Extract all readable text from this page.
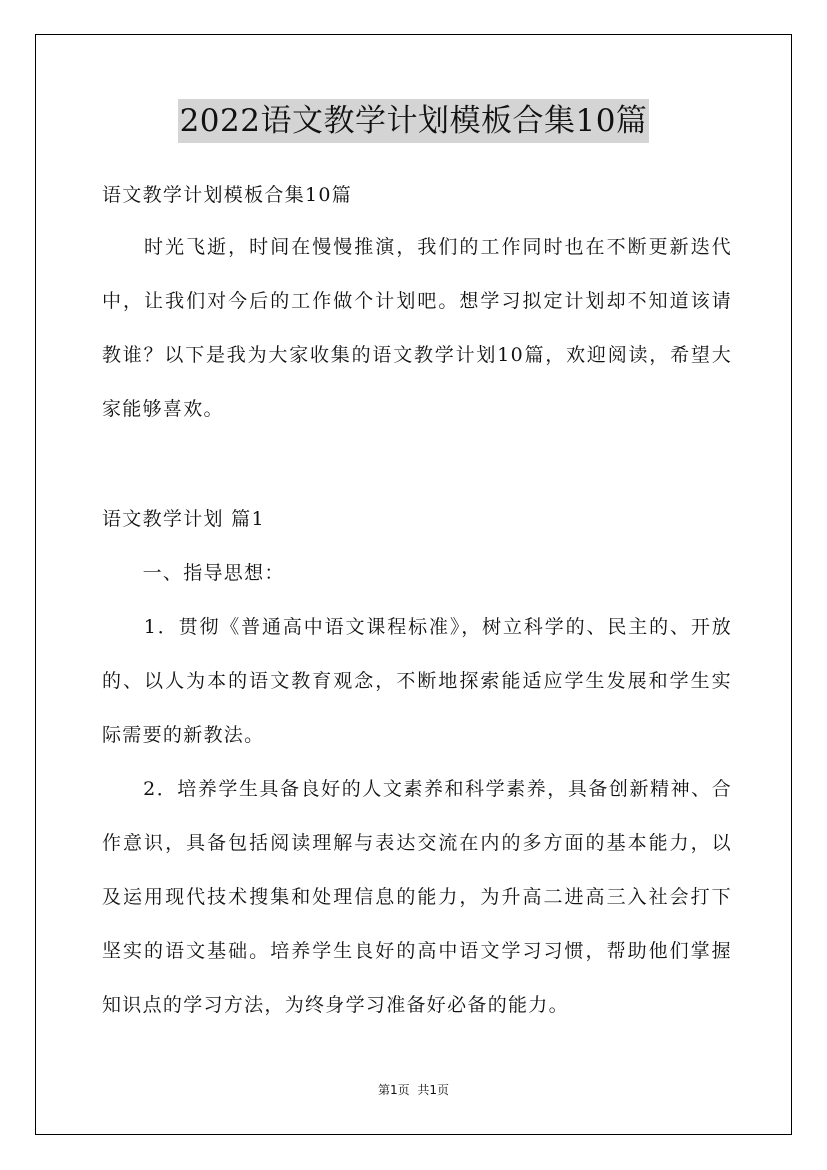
2022语文教学计划模板合集10篇
语文教学计划模板合集10篇
　　时光飞逝，时间在慢慢推演，我们的工作同时也在不断更新迭代
中，让我们对今后的工作做个计划吧。想学习拟定计划却不知道该请
教谁？以下是我为大家收集的语文教学计划10篇，欢迎阅读，希望大
家能够喜欢。
语文教学计划 篇1
　　一、指导思想：
　　1．贯彻《普通高中语文课程标准》，树立科学的、民主的、开放
的、以人为本的语文教育观念，不断地探索能适应学生发展和学生实
际需要的新教法。
　　2．培养学生具备良好的人文素养和科学素养，具备创新精神、合
作意识，具备包括阅读理解与表达交流在内的多方面的基本能力，以
及运用现代技术搜集和处理信息的能力，为升高二进高三入社会打下
坚实的语文基础。培养学生良好的高中语文学习习惯，帮助他们掌握
知识点的学习方法，为终身学习准备好必备的能力。
第1页 共1页
